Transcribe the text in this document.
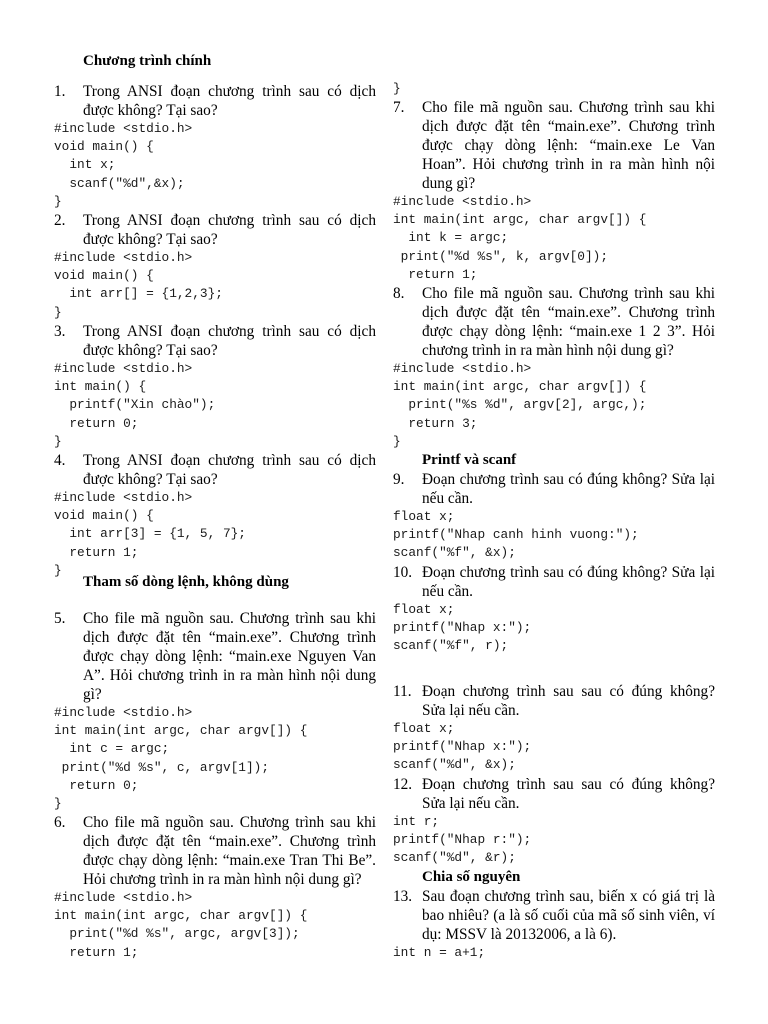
Chương trình chính
1. Trong ANSI đoạn chương trình sau có dịch được không? Tại sao?
#include <stdio.h>
void main() {
int x;
scanf("%d",&x);
}
2. Trong ANSI đoạn chương trình sau có dịch được không? Tại sao?
#include <stdio.h>
void main() {
int arr[] = {1,2,3};
}
3. Trong ANSI đoạn chương trình sau có dịch được không? Tại sao?
#include <stdio.h>
int main() {
printf("Xin chào");
return 0;
}
4. Trong ANSI đoạn chương trình sau có dịch được không? Tại sao?
#include <stdio.h>
void main() {
int arr[3] = {1, 5, 7};
return 1;
}
Tham số dòng lệnh, không dùng
5. Cho file mã nguồn sau. Chương trình sau khi dịch được đặt tên “main.exe”. Chương trình được chạy dòng lệnh: “main.exe Nguyen Van A”. Hỏi chương trình in ra màn hình nội dung gì?
#include <stdio.h>
int main(int argc, char argv[]) {
int c = argc;
print("%d %s", c, argv[1]);
return 0;
}
6. Cho file mã nguồn sau. Chương trình sau khi dịch được đặt tên “main.exe”. Chương trình được chạy dòng lệnh: “main.exe Tran Thi Be”. Hỏi chương trình in ra màn hình nội dung gì?
#include <stdio.h>
int main(int argc, char argv[]) {
print("%d %s", argc, argv[3]);
return 1;
}
7. Cho file mã nguồn sau. Chương trình sau khi dịch được đặt tên “main.exe”. Chương trình được chạy dòng lệnh: “main.exe Le Van Hoan”. Hỏi chương trình in ra màn hình nội dung gì?
#include <stdio.h>
int main(int argc, char argv[]) {
int k = argc;
print("%d %s", k, argv[0]);
return 1;
8. Cho file mã nguồn sau. Chương trình sau khi dịch được đặt tên “main.exe”. Chương trình được chạy dòng lệnh: “main.exe 1 2 3”. Hỏi chương trình in ra màn hình nội dung gì?
#include <stdio.h>
int main(int argc, char argv[]) {
print("%s %d", argv[2], argc,);
return 3;
}
Printf và scanf
9. Đoạn chương trình sau có đúng không? Sửa lại nếu cần.
float x;
printf("Nhap canh hinh vuong:");
scanf("%f", &x);
10. Đoạn chương trình sau có đúng không? Sửa lại nếu cần.
float x;
printf("Nhap x:");
scanf("%f", r);
11. Đoạn chương trình sau sau có đúng không? Sửa lại nếu cần.
float x;
printf("Nhap x:");
scanf("%d", &x);
12. Đoạn chương trình sau sau có đúng không? Sửa lại nếu cần.
int r;
printf("Nhap r:");
scanf("%d", &r);
Chia số nguyên
13. Sau đoạn chương trình sau, biến x có giá trị là bao nhiêu? (a là số cuối của mã số sinh viên, ví dụ: MSSV là 20132006, a là 6).
int n = a+1;
